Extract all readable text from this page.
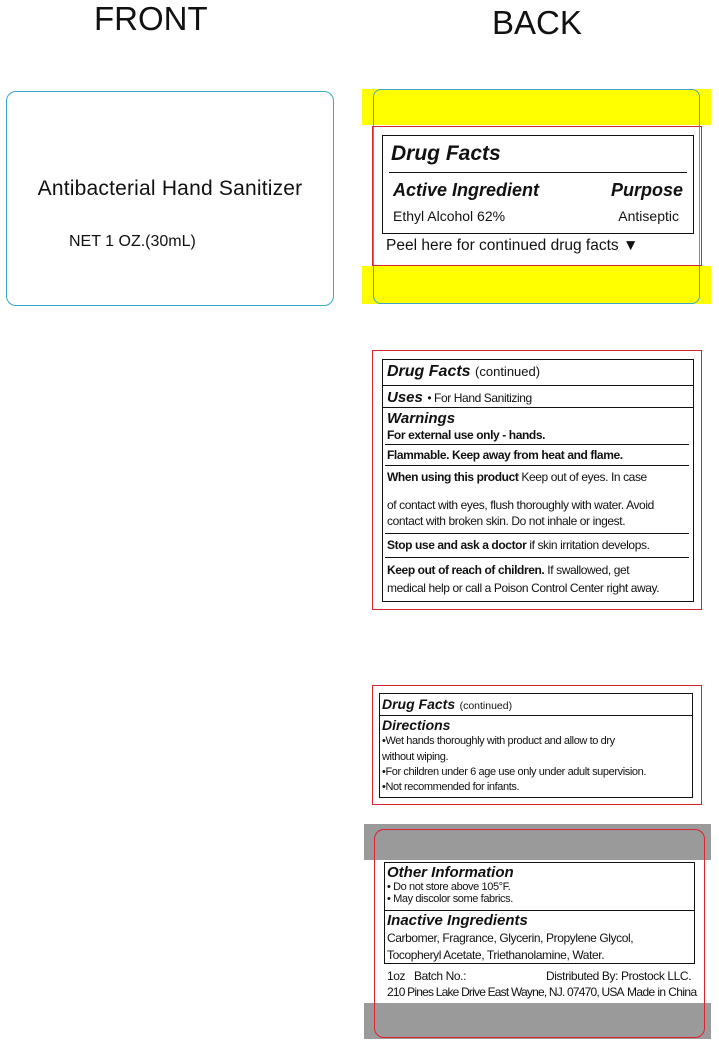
FRONT
Antibacterial Hand Sanitizer
NET 1 OZ.(30mL)
BACK
Drug Facts
Active Ingredient	Purpose
Ethyl Alcohol 62%	Antiseptic
Peel here for continued drug facts ▼
Drug Facts (continued)
Uses • For Hand Sanitizing
Warnings
For external use only - hands.
Flammable. Keep away from heat and flame.
When using this product Keep out of eyes. In case
of contact with eyes, flush thoroughly with water. Avoid
contact with broken skin. Do not inhale or ingest.
Stop use and ask a doctor if skin irritation develops.
Keep out of reach of children. If swallowed, get
medical help or call a Poison Control Center right away.
Drug Facts (continued)
Directions
•Wet hands thoroughly with product and allow to dry
without wiping.
•For children under 6 age use only under adult supervision.
•Not recommended for infants.
Other Information
• Do not store above 105°F.
• May discolor some fabrics.
Inactive Ingredients
Carbomer, Fragrance, Glycerin, Propylene Glycol,
Tocopheryl Acetate, Triethanolamine, Water.
1oz Batch No.:	Distributed By: Prostock LLC.
210 Pines Lake Drive East Wayne, NJ. 07470, USA Made in China
